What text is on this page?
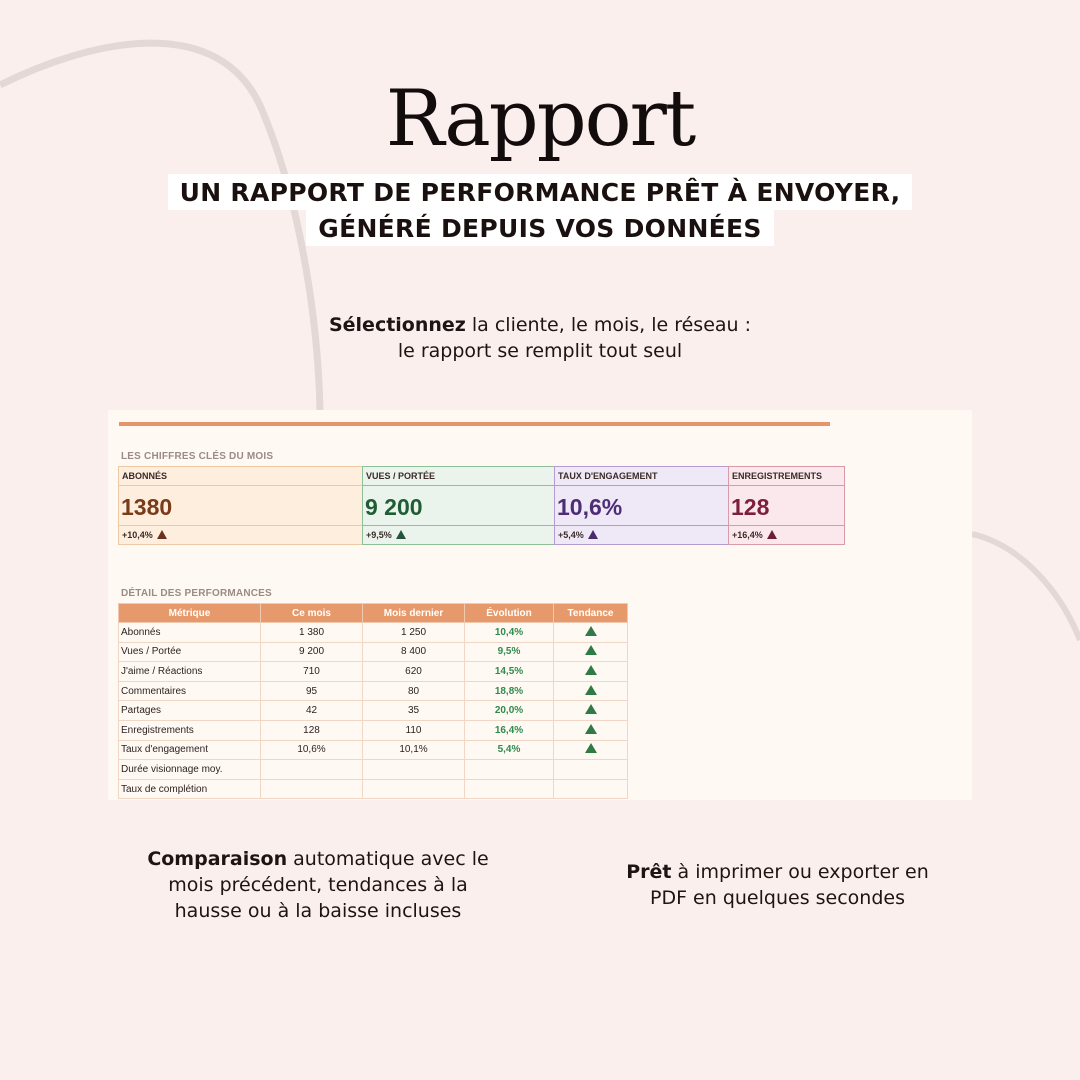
Rapport
UN RAPPORT DE PERFORMANCE PRÊT À ENVOYER,
GÉNÉRÉ DEPUIS VOS DONNÉES
Sélectionnez la cliente, le mois, le réseau :
le rapport se remplit tout seul
LES CHIFFRES CLÉS DU MOIS
ABONNÉS
1380
+10,4%
VUES / PORTÉE
9 200
+9,5%
TAUX D'ENGAGEMENT
10,6%
+5,4%
ENREGISTREMENTS
128
+16,4%
DÉTAIL DES PERFORMANCES
Métrique	Ce mois	Mois dernier	Évolution	Tendance
Abonnés	1 380	1 250	10,4%	
Vues / Portée	9 200	8 400	9,5%	
J'aime / Réactions	710	620	14,5%	
Commentaires	95	80	18,8%	
Partages	42	35	20,0%	
Enregistrements	128	110	16,4%	
Taux d'engagement	10,6%	10,1%	5,4%	
Durée visionnage moy.				
Taux de complétion				
Comparaison automatique avec le
mois précédent, tendances à la
hausse ou à la baisse incluses
Prêt à imprimer ou exporter en
PDF en quelques secondes
